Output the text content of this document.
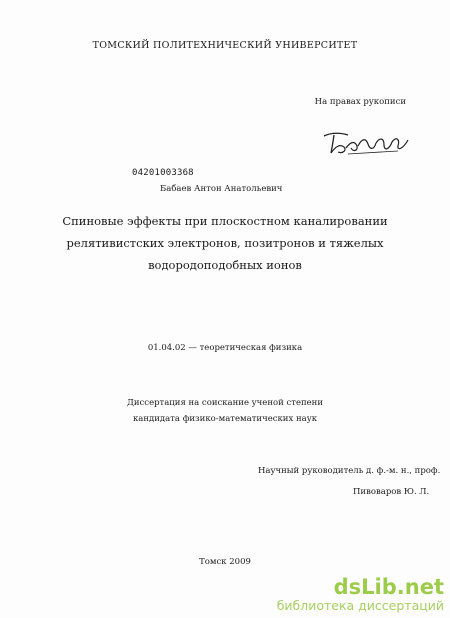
ТОМСКИЙ ПОЛИТЕХНИЧЕСКИЙ УНИВЕРСИТЕТ
На правах рукописи
04201003368
Бабаев Антон Анатольевич
Спиновые эффекты при плоскостном каналировании
релятивистских электронов, позитронов и тяжелых
водородоподобных ионов
01.04.02 — теоретическая физика
Диссертация на соискание ученой степени
кандидата физико-математических наук
Научный руководитель д. ф.-м. н., проф.
Пивоваров Ю. Л.
Томск 2009
dsLib.net
библиотека диссертаций
